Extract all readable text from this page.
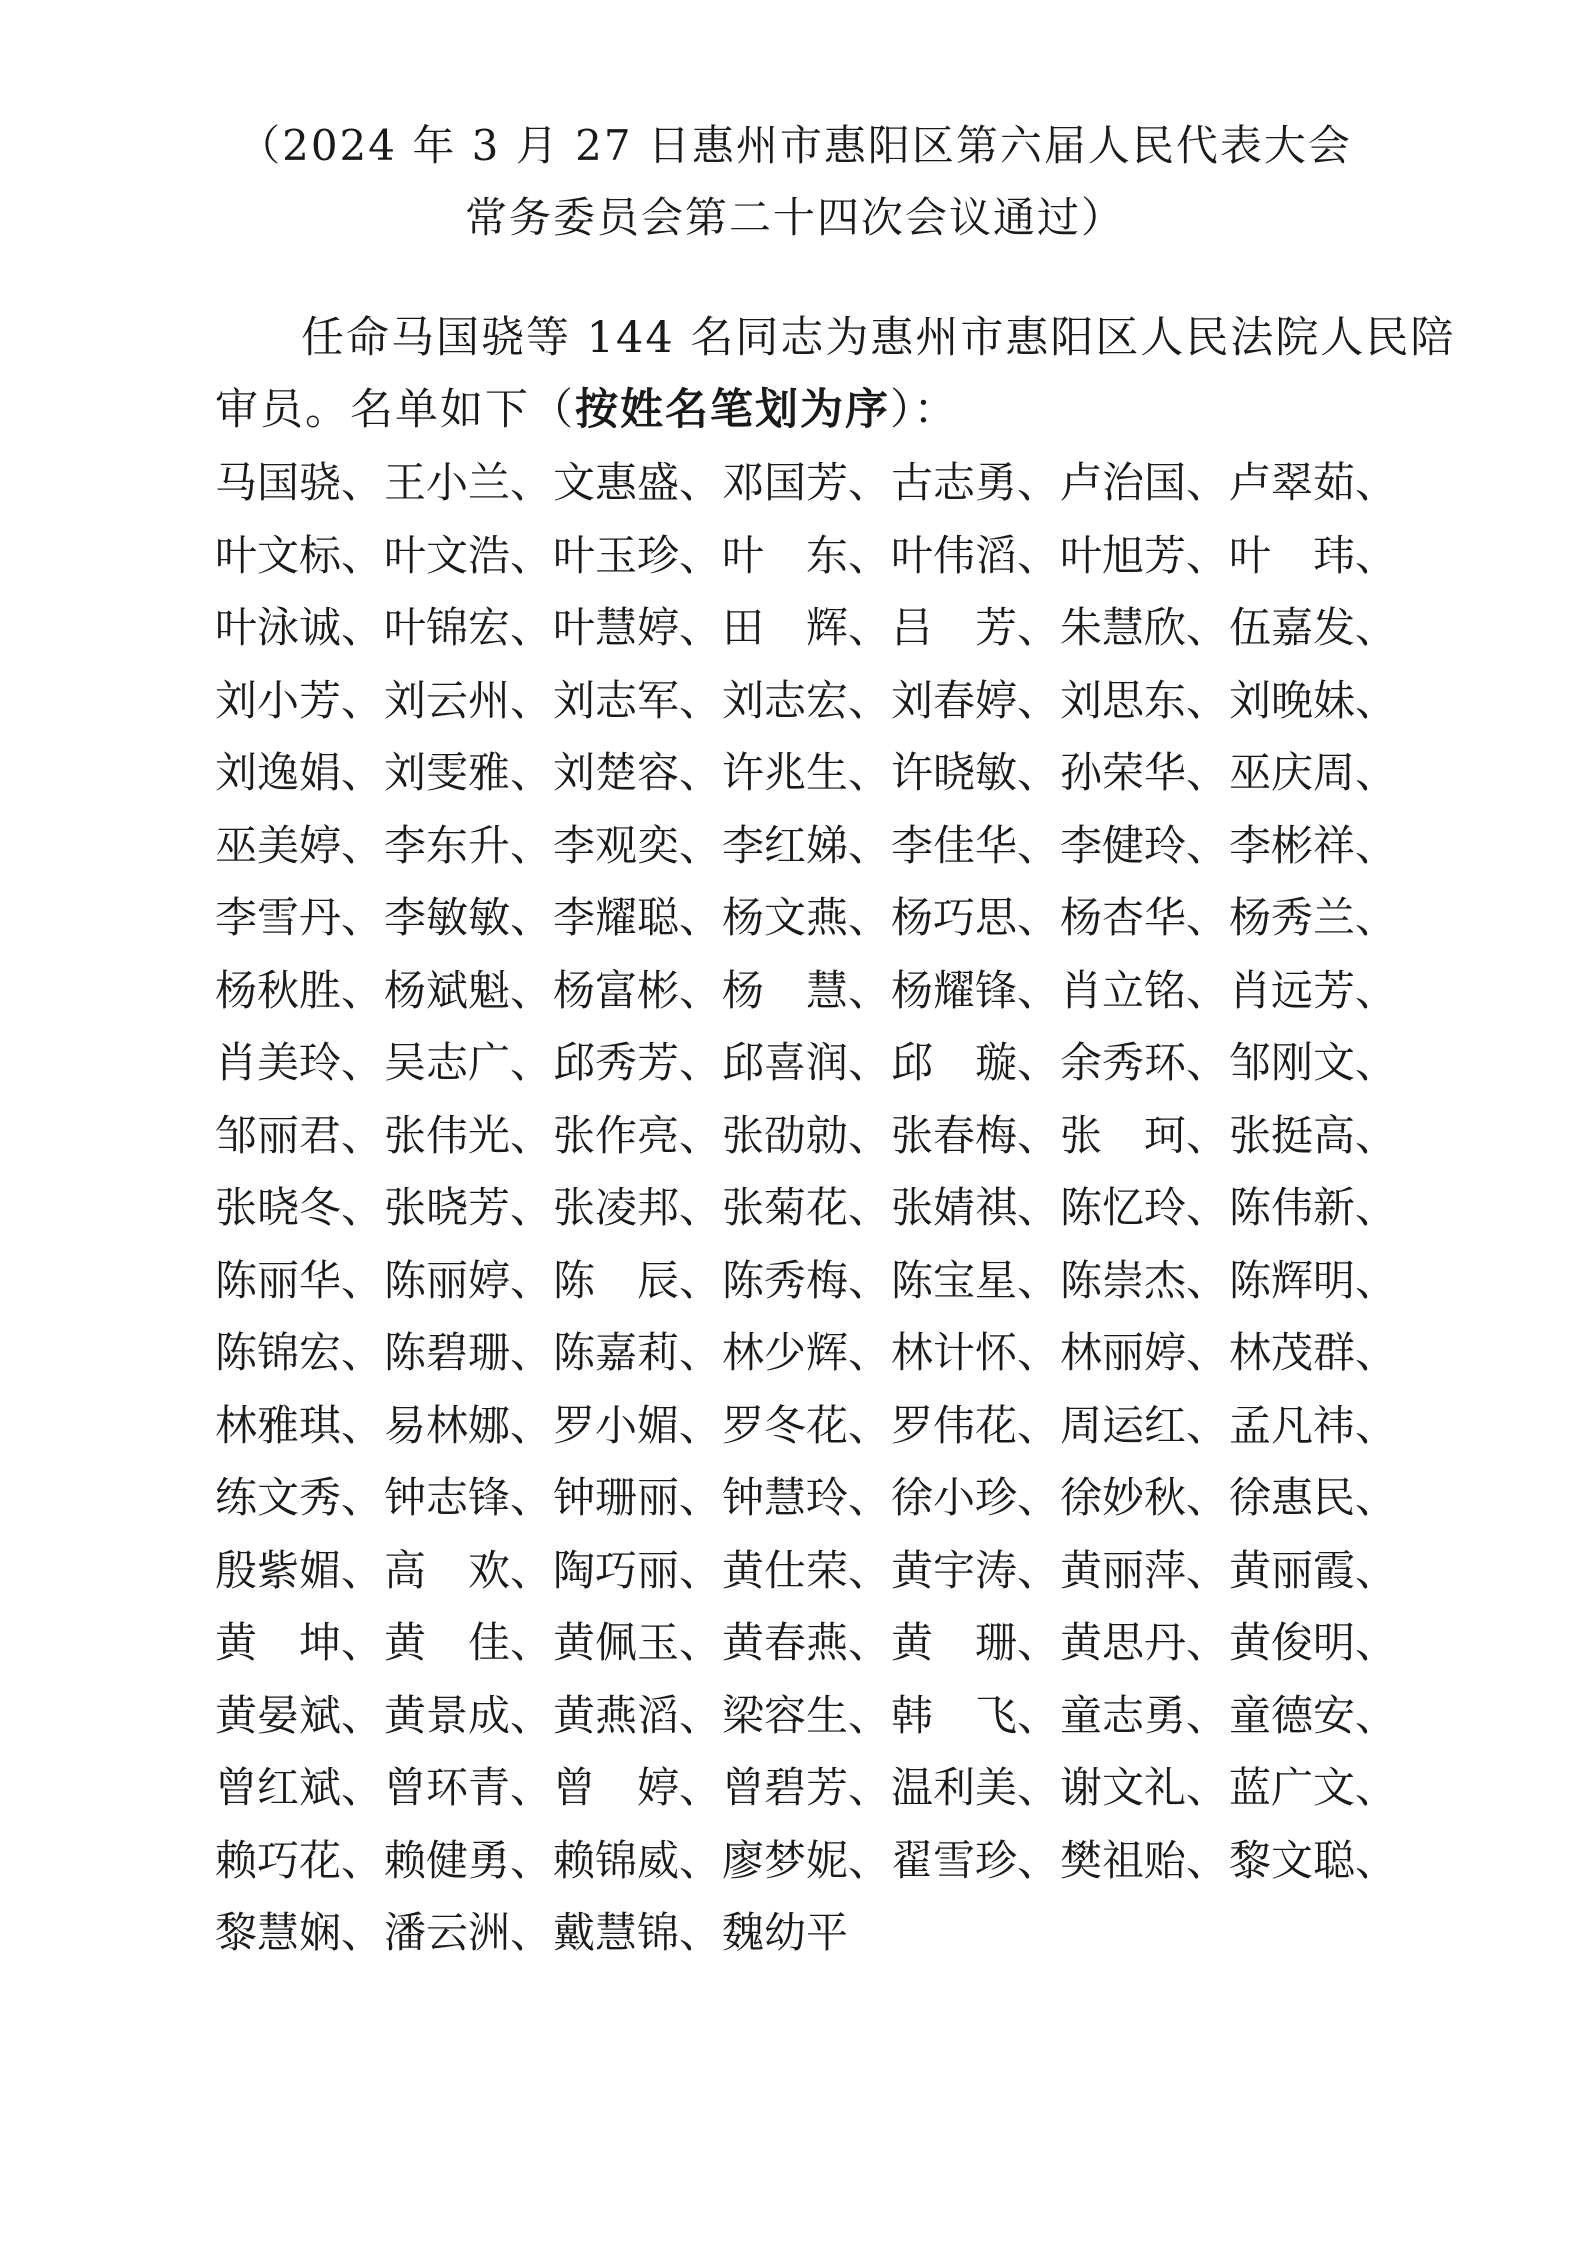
（2024 年 3 月 27 日惠州市惠阳区第六届人民代表大会
常务委员会第二十四次会议通过）
任命马国骁等 144 名同志为惠州市惠阳区人民法院人民陪
审员。名单如下（按姓名笔划为序）：
马国骁、 王小兰、 文惠盛、 邓国芳、 古志勇、 卢治国、 卢翠茹、
叶文标、 叶文浩、 叶玉珍、 叶　东、 叶伟滔、 叶旭芳、 叶　玮、
叶泳诚、 叶锦宏、 叶慧婷、 田　辉、 吕　芳、 朱慧欣、 伍嘉发、
刘小芳、 刘云州、 刘志军、 刘志宏、 刘春婷、 刘思东、 刘晚妹、
刘逸娟、 刘雯雅、 刘楚容、 许兆生、 许晓敏、 孙荣华、 巫庆周、
巫美婷、 李东升、 李观奕、 李红娣、 李佳华、 李健玲、 李彬祥、
李雪丹、 李敏敏、 李耀聪、 杨文燕、 杨巧思、 杨杏华、 杨秀兰、
杨秋胜、 杨斌魁、 杨富彬、 杨　慧、 杨耀锋、 肖立铭、 肖远芳、
肖美玲、 吴志广、 邱秀芳、 邱喜润、 邱　璇、 余秀环、 邹刚文、
邹丽君、 张伟光、 张作亮、 张劭勍、 张春梅、 张　珂、 张挺高、
张晓冬、 张晓芳、 张凌邦、 张菊花、 张婧祺、 陈忆玲、 陈伟新、
陈丽华、 陈丽婷、 陈　辰、 陈秀梅、 陈宝星、 陈崇杰、 陈辉明、
陈锦宏、 陈碧珊、 陈嘉莉、 林少辉、 林计怀、 林丽婷、 林茂群、
林雅琪、 易林娜、 罗小媚、 罗冬花、 罗伟花、 周运红、 孟凡祎、
练文秀、 钟志锋、 钟珊丽、 钟慧玲、 徐小珍、 徐妙秋、 徐惠民、
殷紫媚、 高　欢、 陶巧丽、 黄仕荣、 黄宇涛、 黄丽萍、 黄丽霞、
黄　坤、 黄　佳、 黄佩玉、 黄春燕、 黄　珊、 黄思丹、 黄俊明、
黄晏斌、 黄景成、 黄燕滔、 梁容生、 韩　飞、 童志勇、 童德安、
曾红斌、 曾环青、 曾　婷、 曾碧芳、 温利美、 谢文礼、 蓝广文、
赖巧花、 赖健勇、 赖锦威、 廖梦妮、 翟雪珍、 樊祖贻、 黎文聪、
黎慧娴、 潘云洲、 戴慧锦、 魏幼平
